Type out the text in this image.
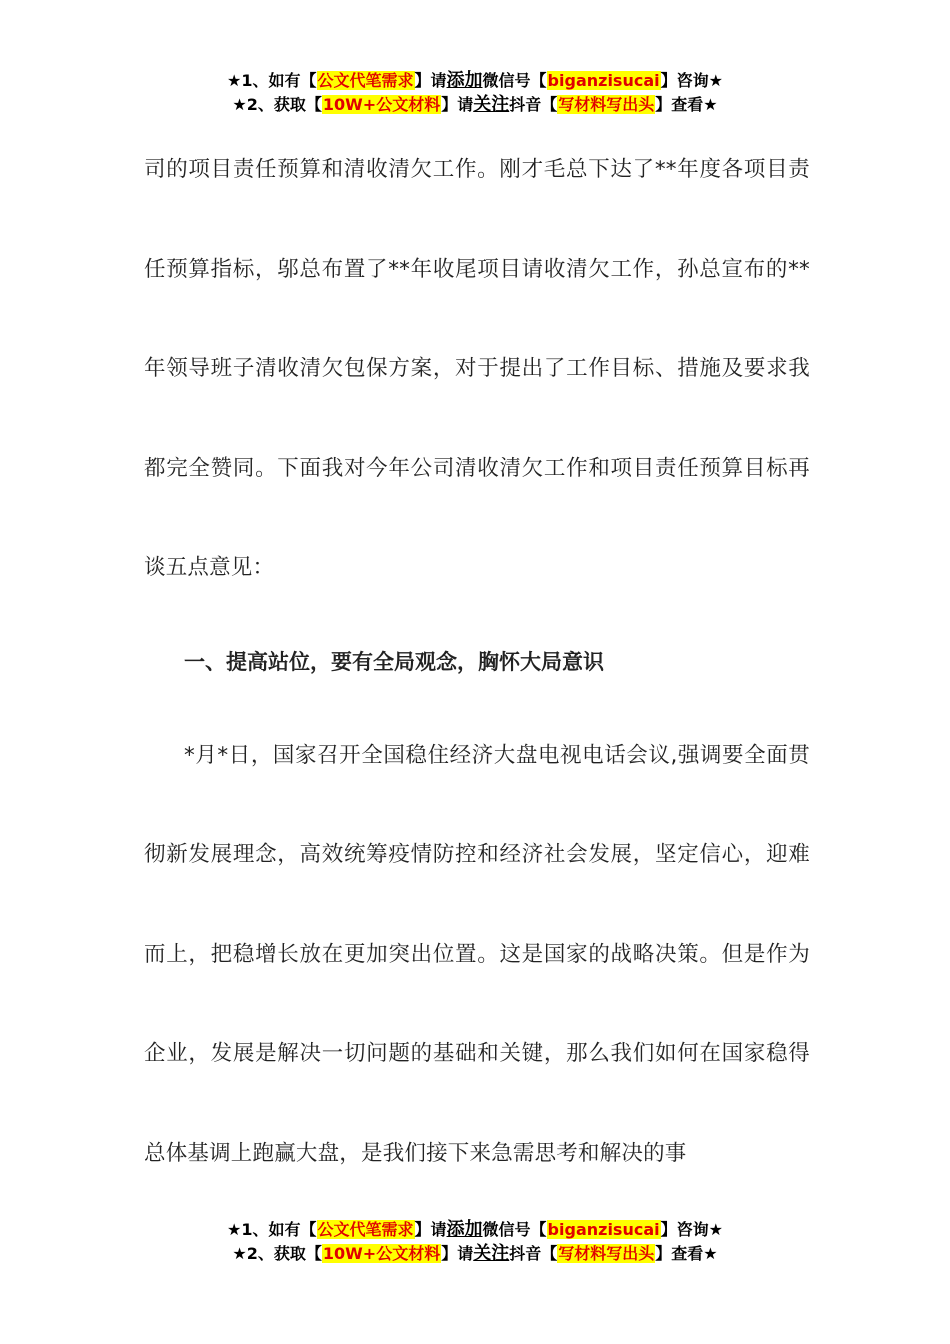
★1、如有【公文代笔需求】请添加微信号【biganzisucai】咨询★
★2、获取【10W+公文材料】请关注抖音【写材料写出头】查看★

司的项目责任预算和清收清欠工作。刚才毛总下达了**年度各项目责任预算指标，邬总布置了**年收尾项目请收清欠工作，孙总宣布的**年领导班子清收清欠包保方案，对于提出了工作目标、措施及要求我都完全赞同。下面我对今年公司清收清欠工作和项目责任预算目标再谈五点意见：

一、提高站位，要有全局观念，胸怀大局意识

*月*日，国家召开全国稳住经济大盘电视电话会议,强调要全面贯彻新发展理念，高效统筹疫情防控和经济社会发展，坚定信心，迎难而上，把稳增长放在更加突出位置。这是国家的战略决策。但是作为企业，发展是解决一切问题的基础和关键，那么我们如何在国家稳得总体基调上跑赢大盘，是我们接下来急需思考和解决的事

★1、如有【公文代笔需求】请添加微信号【biganzisucai】咨询★
★2、获取【10W+公文材料】请关注抖音【写材料写出头】查看★
